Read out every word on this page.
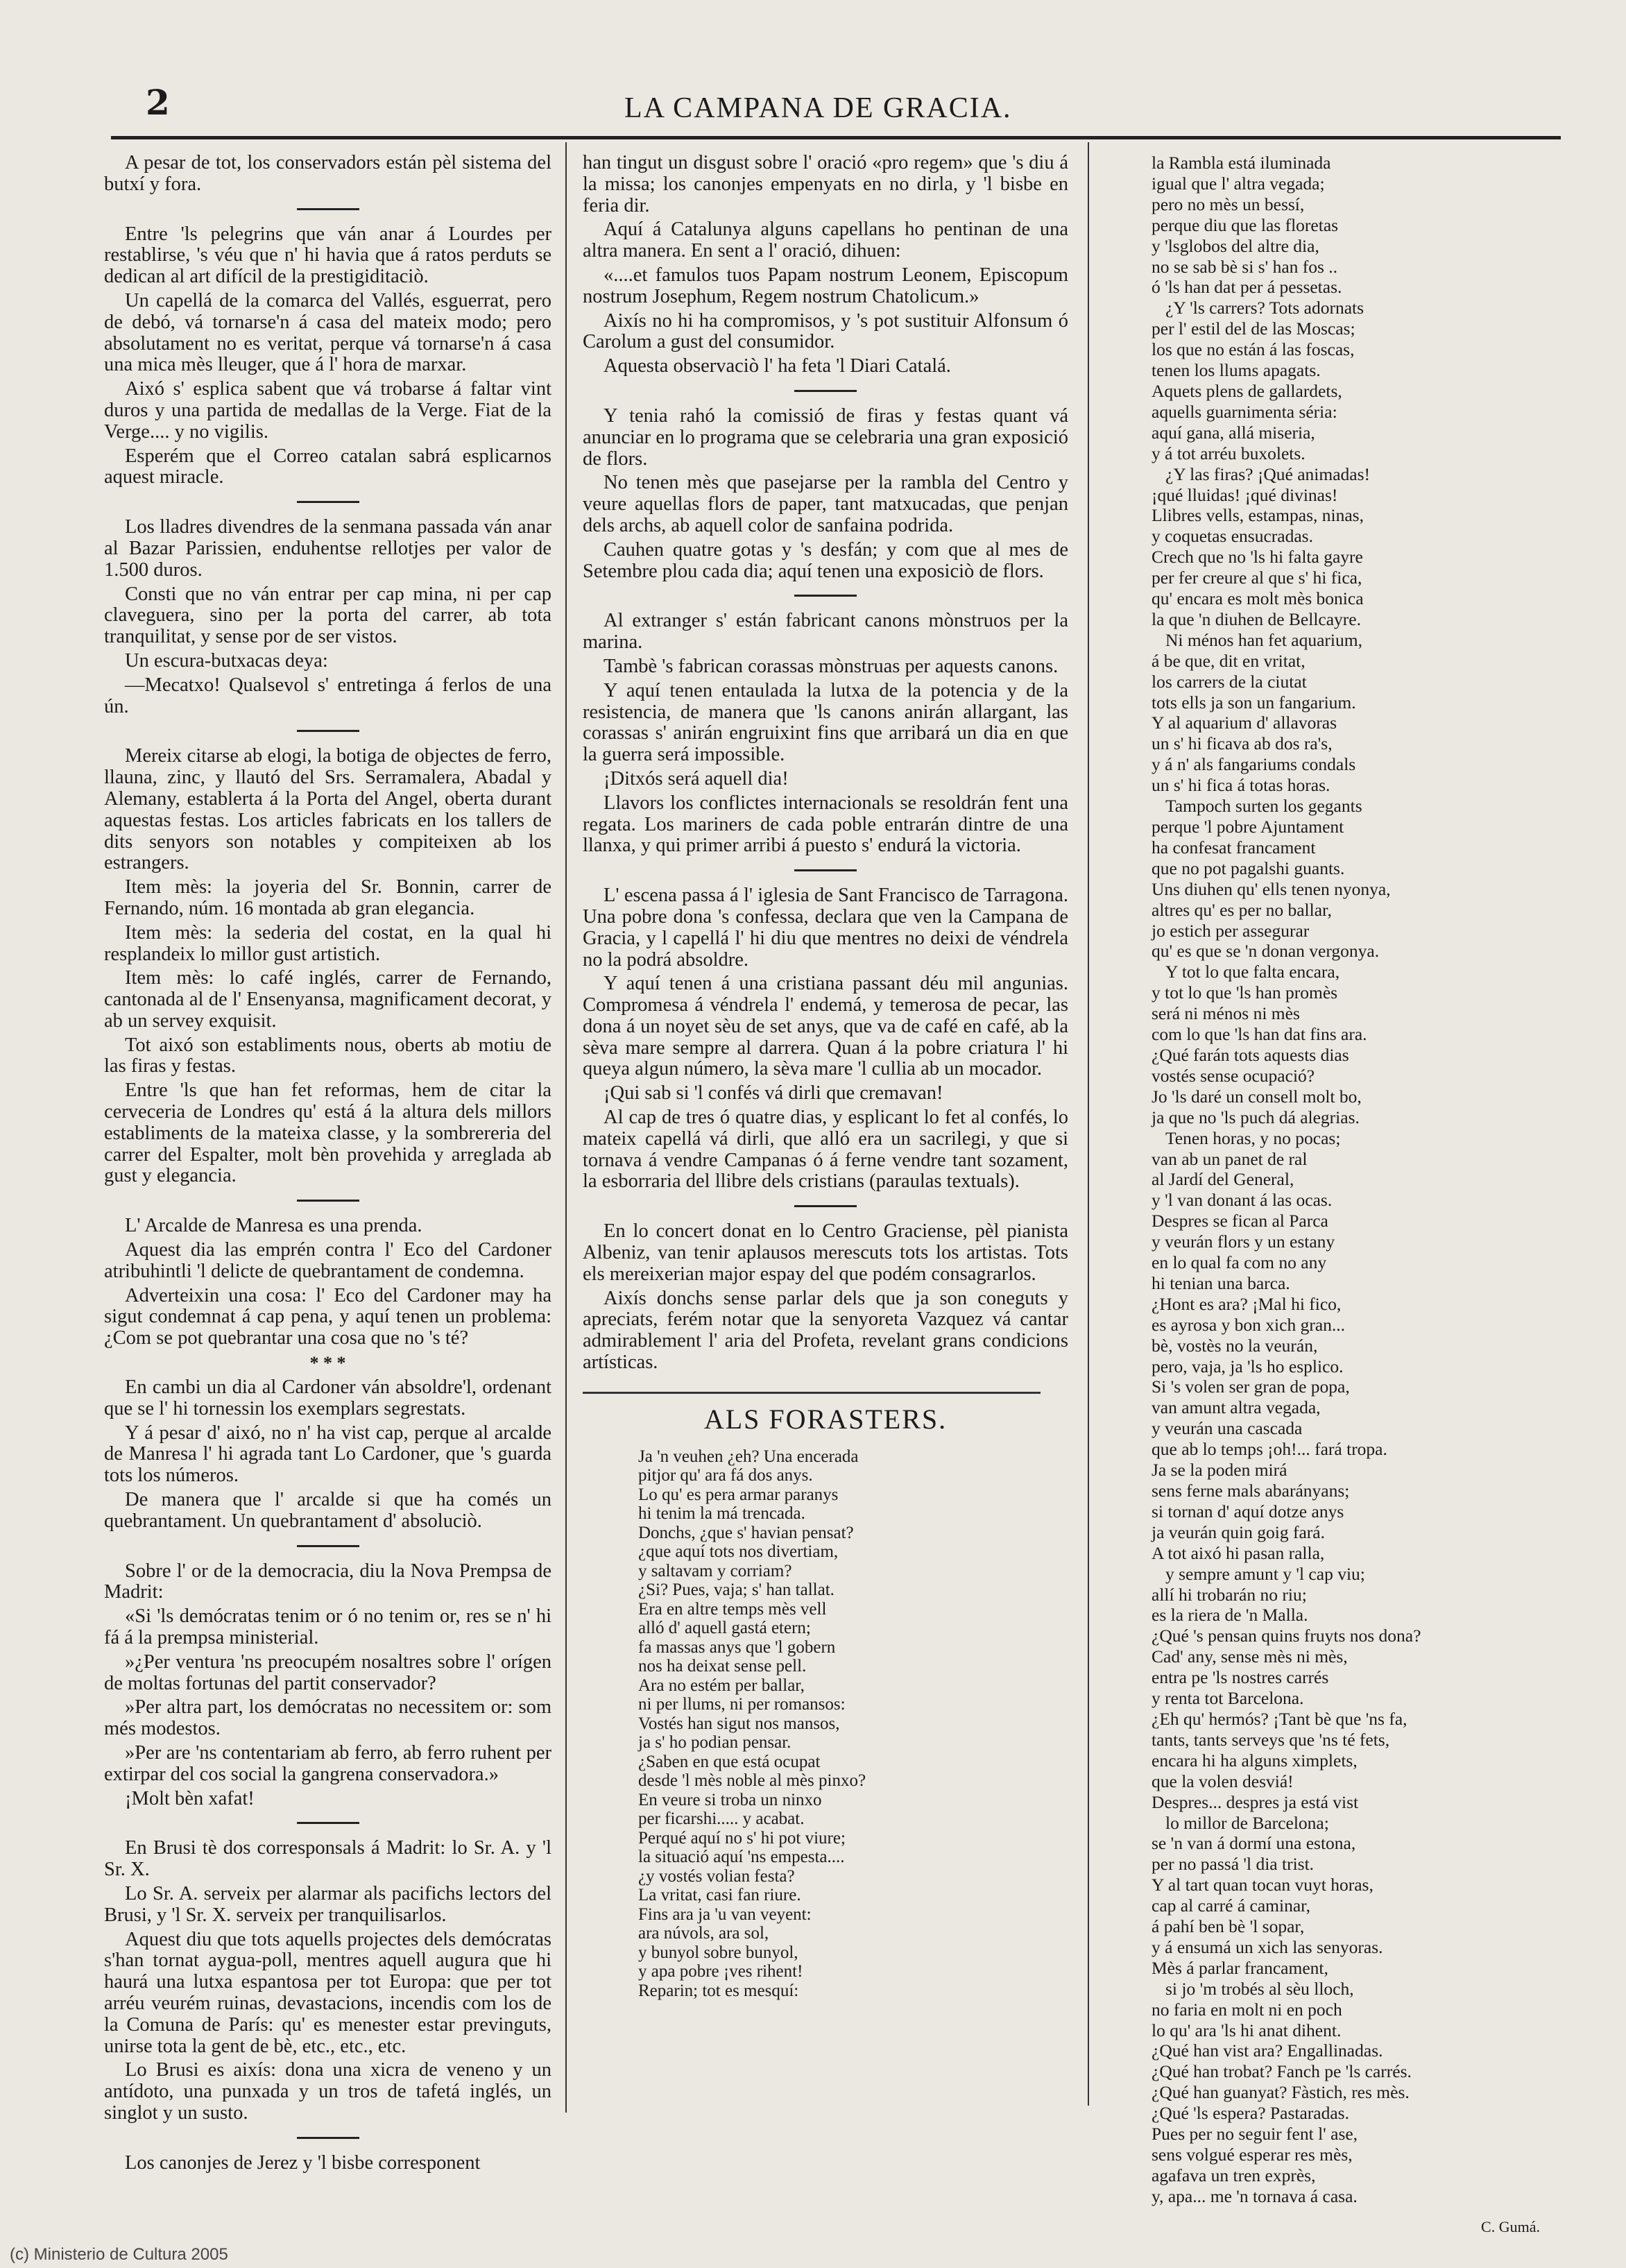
2	LA CAMPANA DE GRACIA.

A pesar de tot, los conservadors están pèl sistema del butxí y fora.

Entre 'ls pelegrins que ván anar á Lourdes per restablirse, 's véu que n' hi havia que á ratos perduts se dedican al art difícil de la prestigiditaciò.

Un capellá de la comarca del Vallés, esguerrat, pero de debó, vá tornarse'n á casa del mateix modo; pero absolutament no es veritat, perque vá tornarse'n á casa una mica mès lleuger, que á l' hora de marxar.

Aixó s' esplica sabent que vá trobarse á faltar vint duros y una partida de medallas de la Verge. Fiat de la Verge.... y no vigilis.

Esperém que el Correo catalan sabrá esplicarnos aquest miracle.

Los lladres divendres de la senmana passada ván anar al Bazar Parissien, enduhentse rellotjes per valor de 1.500 duros.

Consti que no ván entrar per cap mina, ni per cap claveguera, sino per la porta del carrer, ab tota tranquilitat, y sense por de ser vistos.

Un escura-butxacas deya:

—Mecatxo! Qualsevol s' entretinga á ferlos de una ún.

Mereix citarse ab elogi, la botiga de objectes de ferro, llauna, zinc, y llautó del Srs. Serramalera, Abadal y Alemany, establerta á la Porta del Angel, oberta durant aquestas festas. Los articles fabricats en los tallers de dits senyors son notables y compiteixen ab los estrangers.

Item mès: la joyeria del Sr. Bonnin, carrer de Fernando, núm. 16 montada ab gran elegancia.

Item mès: la sederia del costat, en la qual hi resplandeix lo millor gust artistich.

Item mès: lo café inglés, carrer de Fernando, cantonada al de l' Ensenyansa, magnificament decorat, y ab un servey exquisit.

Tot aixó son establiments nous, oberts ab motiu de las firas y festas.

Entre 'ls que han fet reformas, hem de citar la cerveceria de Londres qu' está á la altura dels millors establiments de la mateixa classe, y la sombrereria del carrer del Espalter, molt bèn provehida y arreglada ab gust y elegancia.

L' Arcalde de Manresa es una prenda.

Aquest dia las emprén contra l' Eco del Cardoner atribuhintli 'l delicte de quebrantament de condemna.

Adverteixin una cosa: l' Eco del Cardoner may ha sigut condemnat á cap pena, y aquí tenen un problema: ¿Com se pot quebrantar una cosa que no 's té?

* * *

En cambi un dia al Cardoner ván absoldre'l, ordenant que se l' hi tornessin los exemplars segrestats.

Y á pesar d' aixó, no n' ha vist cap, perque al arcalde de Manresa l' hi agrada tant Lo Cardoner, que 's guarda tots los números.

De manera que l' arcalde si que ha comés un quebrantament. Un quebrantament d' absoluciò.

Sobre l' or de la democracia, diu la Nova Prempsa de Madrit:

«Si 'ls demócratas tenim or ó no tenim or, res se n' hi fá á la prempsa ministerial.

»¿Per ventura 'ns preocupém nosaltres sobre l' orígen de moltas fortunas del partit conservador?

»Per altra part, los demócratas no necessitem or: som més modestos.

»Per are 'ns contentariam ab ferro, ab ferro ruhent per extirpar del cos social la gangrena conservadora.»

¡Molt bèn xafat!

En Brusi tè dos corresponsals á Madrit: lo Sr. A. y 'l Sr. X.

Lo Sr. A. serveix per alarmar als pacifichs lectors del Brusi, y 'l Sr. X. serveix per tranquilisarlos.

Aquest diu que tots aquells projectes dels demócratas s'han tornat aygua-poll, mentres aquell augura que hi haurá una lutxa espantosa per tot Europa: que per tot arréu veurém ruinas, devastacions, incendis com los de la Comuna de París: qu' es menester estar previnguts, unirse tota la gent de bè, etc., etc., etc.

Lo Brusi es aixís: dona una xicra de veneno y un antídoto, una punxada y un tros de tafetá inglés, un singlot y un susto.

Los canonjes de Jerez y 'l bisbe corresponent

han tingut un disgust sobre l' oració «pro regem» que 's diu á la missa; los canonjes empenyats en no dirla, y 'l bisbe en feria dir.

Aquí á Catalunya alguns capellans ho pentinan de una altra manera. En sent a l' oració, dihuen:

«....et famulos tuos Papam nostrum Leonem, Episcopum nostrum Josephum, Regem nostrum Chatolicum.»

Aixís no hi ha compromisos, y 's pot sustituir Alfonsum ó Carolum a gust del consumidor.

Aquesta observaciò l' ha feta 'l Diari Catalá.

Y tenia rahó la comissió de firas y festas quant vá anunciar en lo programa que se celebraria una gran exposició de flors.

No tenen mès que pasejarse per la rambla del Centro y veure aquellas flors de paper, tant matxucadas, que penjan dels archs, ab aquell color de sanfaina podrida.

Cauhen quatre gotas y 's desfán; y com que al mes de Setembre plou cada dia; aquí tenen una exposiciò de flors.

Al extranger s' están fabricant canons mònstruos per la marina.

Tambè 's fabrican corassas mònstruas per aquests canons.

Y aquí tenen entaulada la lutxa de la potencia y de la resistencia, de manera que 'ls canons anirán allargant, las corassas s' anirán engruixint fins que arribará un dia en que la guerra será impossible.

¡Ditxós será aquell dia!

Llavors los conflictes internacionals se resoldrán fent una regata. Los mariners de cada poble entrarán dintre de una llanxa, y qui primer arribi á puesto s' endurá la victoria.

L' escena passa á l' iglesia de Sant Francisco de Tarragona. Una pobre dona 's confessa, declara que ven la Campana de Gracia, y l capellá l' hi diu que mentres no deixi de véndrela no la podrá absoldre.

Y aquí tenen á una cristiana passant déu mil angunias. Compromesa á véndrela l' endemá, y temerosa de pecar, las dona á un noyet sèu de set anys, que va de café en café, ab la sèva mare sempre al darrera. Quan á la pobre criatura l' hi queya algun número, la sèva mare 'l cullia ab un mocador.

¡Qui sab si 'l confés vá dirli que cremavan!

Al cap de tres ó quatre dias, y esplicant lo fet al confés, lo mateix capellá vá dirli, que alló era un sacrilegi, y que si tornava á vendre Campanas ó á ferne vendre tant sozament, la esborraria del llibre dels cristians (paraulas textuals).

En lo concert donat en lo Centro Graciense, pèl pianista Albeniz, van tenir aplausos merescuts tots los artistas. Tots els mereixerian major espay del que podém consagrarlos.

Aixís donchs sense parlar dels que ja son coneguts y apreciats, ferém notar que la senyoreta Vazquez vá cantar admirablement l' aria del Profeta, revelant grans condicions artísticas.

ALS FORASTERS.
Ja 'n veuhen ¿eh? Una encerada
pitjor qu' ara fá dos anys.
Lo qu' es pera armar paranys
hi tenim la má trencada.
Donchs, ¿que s' havian pensat?
¿que aquí tots nos divertiam,
y saltavam y corriam?
¿Si? Pues, vaja; s' han tallat.
Era en altre temps mès vell
alló d' aquell gastá etern;
fa massas anys que 'l gobern
nos ha deixat sense pell.
Ara no estém per ballar,
ni per llums, ni per romansos:
Vostés han sigut nos mansos,
ja s' ho podian pensar.
¿Saben en que está ocupat
desde 'l mès noble al mès pinxo?
En veure si troba un ninxo
per ficarshi..... y acabat.
Perqué aquí no s' hi pot viure;
la situació aquí 'ns empesta....
¿y vostés volian festa?
La vritat, casi fan riure.
Fins ara ja 'u van veyent:
ara núvols, ara sol,
y bunyol sobre bunyol,
y apa pobre ¡ves rihent!
Reparin; tot es mesquí:
la Rambla está iluminada
igual que l' altra vegada;
pero no mès un bessí,
perque diu que las floretas
y 'lsglobos del altre dia,
no se sab bè si s' han fos ..
ó 'ls han dat per á pessetas.
¿Y 'ls carrers? Tots adornats
per l' estil del de las Moscas;
los que no están á las foscas,
tenen los llums apagats.
Aquets plens de gallardets,
aquells guarnimenta séria:
aquí gana, allá miseria,
y á tot arréu buxolets.
¿Y las firas? ¡Qué animadas!
¡qué lluidas! ¡qué divinas!
Llibres vells, estampas, ninas,
y coquetas ensucradas.
Crech que no 'ls hi falta gayre
per fer creure al que s' hi fica,
qu' encara es molt mès bonica
la que 'n diuhen de Bellcayre.
Ni ménos han fet aquarium,
á be que, dit en vritat,
los carrers de la ciutat
tots ells ja son un fangarium.
Y al aquarium d' allavoras
un s' hi ficava ab dos ra's,
y á n' als fangariums condals
un s' hi fica á totas horas.
Tampoch surten los gegants
perque 'l pobre Ajuntament
ha confesat francament
que no pot pagalshi guants.
Uns diuhen qu' ells tenen nyonya,
altres qu' es per no ballar,
jo estich per assegurar
qu' es que se 'n donan vergonya.
Y tot lo que falta encara,
y tot lo que 'ls han promès
será ni ménos ni mès
com lo que 'ls han dat fins ara.
¿Qué farán tots aquests dias
vostés sense ocupació?
Jo 'ls daré un consell molt bo,
ja que no 'ls puch dá alegrias.
Tenen horas, y no pocas;
van ab un panet de ral
al Jardí del General,
y 'l van donant á las ocas.
Despres se fican al Parca
y veurán flors y un estany
en lo qual fa com no any
hi tenian una barca.
¿Hont es ara? ¡Mal hi fico,
es ayrosa y bon xich gran...
bè, vostès no la veurán,
pero, vaja, ja 'ls ho esplico.
Si 's volen ser gran de popa,
van amunt altra vegada,
y veurán una cascada
que ab lo temps ¡oh!... fará tropa.
Ja se la poden mirá
sens ferne mals abarányans;
si tornan d' aquí dotze anys
ja veurán quin goig fará.
A tot aixó hi pasan ralla,
y sempre amunt y 'l cap viu;
allí hi trobarán no riu;
es la riera de 'n Malla.
¿Qué 's pensan quins fruyts nos dona?
Cad' any, sense mès ni mès,
entra pe 'ls nostres carrés
y renta tot Barcelona.
¿Eh qu' hermós? ¡Tant bè que 'ns fa,
tants, tants serveys que 'ns té fets,
encara hi ha alguns ximplets,
que la volen desviá!
Despres... despres ja está vist
lo millor de Barcelona;
se 'n van á dormí una estona,
per no passá 'l dia trist.
Y al tart quan tocan vuyt horas,
cap al carré á caminar,
á pahí ben bè 'l sopar,
y á ensumá un xich las senyoras.
Mès á parlar francament,
si jo 'm trobés al sèu lloch,
no faria en molt ni en poch
lo qu' ara 'ls hi anat dihent.
¿Qué han vist ara? Engallinadas.
¿Qué han trobat? Fanch pe 'ls carrés.
¿Qué han guanyat? Fàstich, res mès.
¿Qué 'ls espera? Pastaradas.
Pues per no seguir fent l' ase,
sens volgué esperar res mès,
agafava un tren exprès,
y, apa... me 'n tornava á casa.
C. Gumá.
(c) Ministerio de Cultura 2005
